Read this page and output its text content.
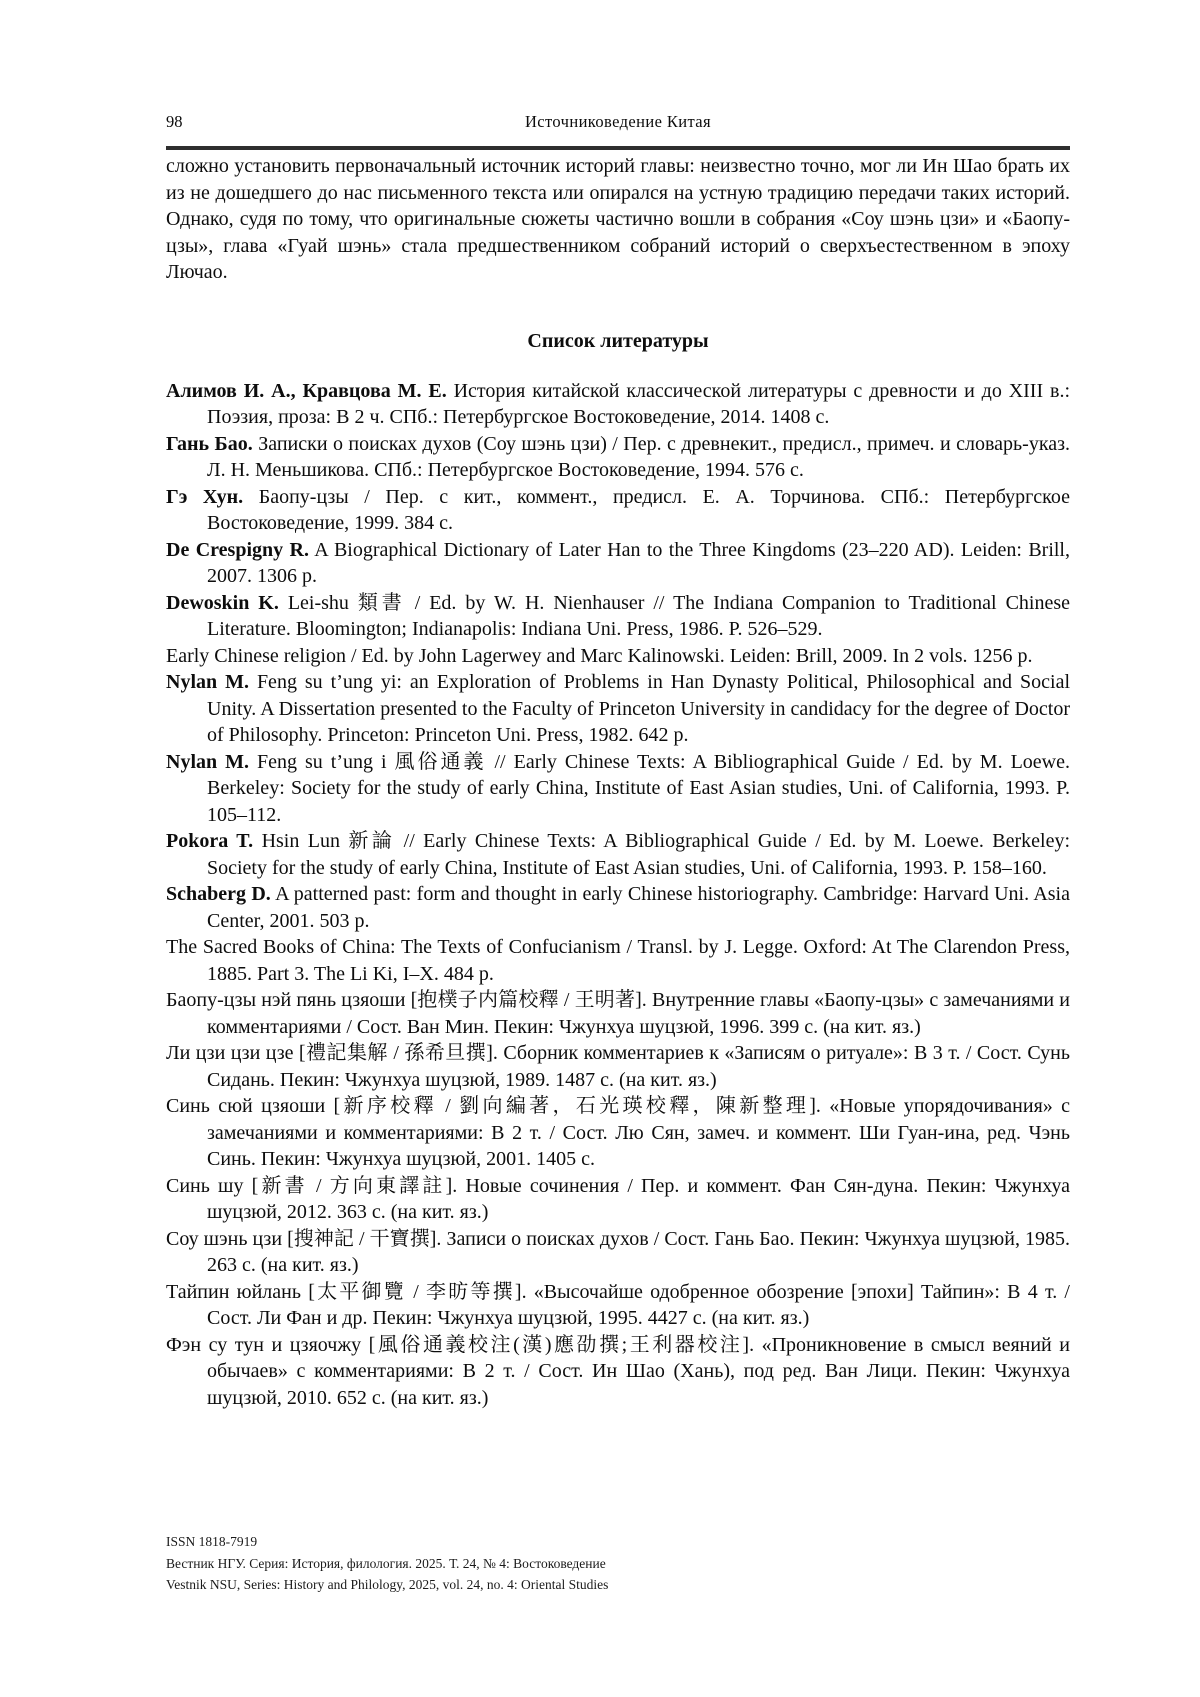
98	Источниковедение Китая

сложно установить первоначальный источник историй главы: неизвестно точно, мог ли Ин Шао брать их из не дошедшего до нас письменного текста или опирался на устную традицию передачи таких историй. Однако, судя по тому, что оригинальные сюжеты частично вошли в собрания «Соу шэнь цзи» и «Баопу-цзы», глава «Гуай шэнь» стала предшественником собраний историй о сверхъестественном в эпоху Лючао.

Список литературы
Алимов И. А., Кравцова М. Е. История китайской классической литературы с древности и до XIII в.: Поэзия, проза: В 2 ч. СПб.: Петербургское Востоковедение, 2014. 1408 с.
Гань Бао. Записки о поисках духов (Соу шэнь цзи) / Пер. с древнекит., предисл., примеч. и словарь-указ. Л. Н. Меньшикова. СПб.: Петербургское Востоковедение, 1994. 576 с.
Гэ Хун. Баопу-цзы / Пер. с кит., коммент., предисл. Е. А. Торчинова. СПб.: Петербургское Востоковедение, 1999. 384 с.
De Crespigny R. A Biographical Dictionary of Later Han to the Three Kingdoms (23–220 AD). Leiden: Brill, 2007. 1306 p.
Dewoskin K. Lei-shu 類書 / Ed. by W. H. Nienhauser // The Indiana Companion to Traditional Chinese Literature. Bloomington; Indianapolis: Indiana Uni. Press, 1986. P. 526–529.
Early Chinese religion / Ed. by John Lagerwey and Marc Kalinowski. Leiden: Brill, 2009. In 2 vols. 1256 p.
Nylan M. Feng su t’ung yi: an Exploration of Problems in Han Dynasty Political, Philosophical and Social Unity. A Dissertation presented to the Faculty of Princeton University in candidacy for the degree of Doctor of Philosophy. Princeton: Princeton Uni. Press, 1982. 642 p.
Nylan M. Feng su t’ung i 風俗通義 // Early Chinese Texts: A Bibliographical Guide / Ed. by M. Loewe. Berkeley: Society for the study of early China, Institute of East Asian studies, Uni. of California, 1993. P. 105–112.
Pokora T. Hsin Lun 新論 // Early Chinese Texts: A Bibliographical Guide / Ed. by M. Loewe. Berkeley: Society for the study of early China, Institute of East Asian studies, Uni. of California, 1993. P. 158–160.
Schaberg D. A patterned past: form and thought in early Chinese historiography. Cambridge: Harvard Uni. Asia Center, 2001. 503 p.
The Sacred Books of China: The Texts of Confucianism / Transl. by J. Legge. Oxford: At The Clarendon Press, 1885. Part 3. The Li Ki, I–X. 484 p.
Баопу-цзы нэй пянь цзяоши [抱樸子内篇校釋 / 王明著]. Внутренние главы «Баопу-цзы» с замечаниями и комментариями / Сост. Ван Мин. Пекин: Чжунхуа шуцзюй, 1996. 399 с. (на кит. яз.)
Ли цзи цзи цзе [禮記集解 / 孫希旦撰]. Сборник комментариев к «Записям о ритуале»: В 3 т. / Сост. Сунь Сидань. Пекин: Чжунхуа шуцзюй, 1989. 1487 с. (на кит. яз.)
Синь сюй цзяоши [新序校釋 / 劉向編著，石光瑛校釋，陳新整理]. «Новые упорядочивания» с замечаниями и комментариями: В 2 т. / Сост. Лю Сян, замеч. и коммент. Ши Гуан-ина, ред. Чэнь Синь. Пекин: Чжунхуа шуцзюй, 2001. 1405 с.
Синь шу [新書 / 方向東譯註]. Новые сочинения / Пер. и коммент. Фан Сян-дуна. Пекин: Чжунхуа шуцзюй, 2012. 363 с. (на кит. яз.)
Соу шэнь цзи [搜神記 / 干寶撰]. Записи о поисках духов / Сост. Гань Бао. Пекин: Чжунхуа шуцзюй, 1985. 263 с. (на кит. яз.)
Тайпин юйлань [太平御覽 / 李昉等撰]. «Высочайше одобренное обозрение [эпохи] Тайпин»: В 4 т. / Сост. Ли Фан и др. Пекин: Чжунхуа шуцзюй, 1995. 4427 с. (на кит. яз.)
Фэн су тун и цзяочжу [風俗通義校注(漢)應劭撰;王利器校注]. «Проникновение в смысл веяний и обычаев» с комментариями: В 2 т. / Сост. Ин Шао (Хань), под ред. Ван Лици. Пекин: Чжунхуа шуцзюй, 2010. 652 с. (на кит. яз.)
ISSN 1818-7919
Вестник НГУ. Серия: История, филология. 2025. Т. 24, № 4: Востоковедение
Vestnik NSU, Series: History and Philology, 2025, vol. 24, no. 4: Oriental Studies
